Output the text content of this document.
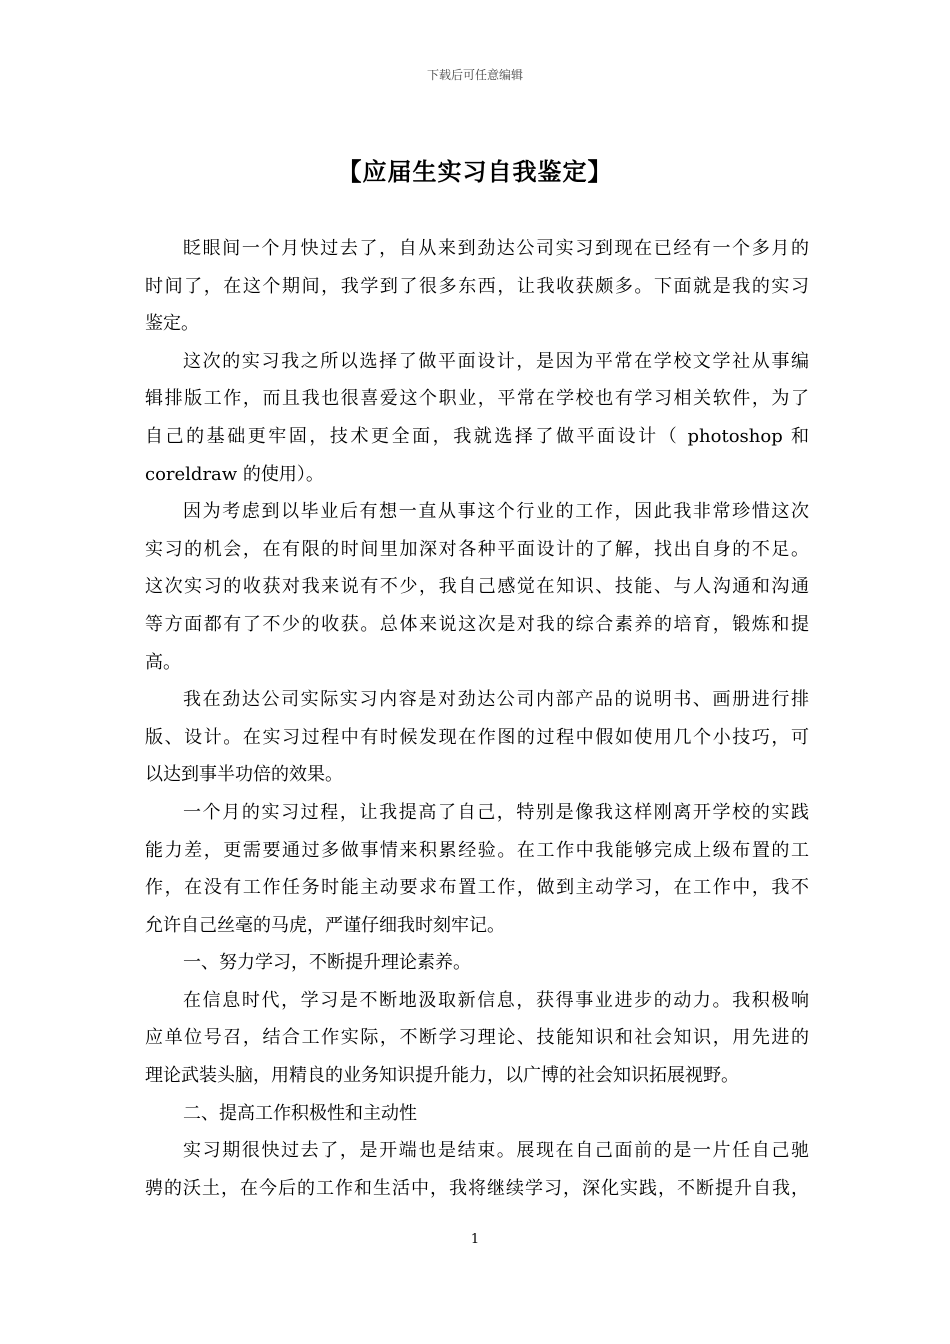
下载后可任意编辑
【应届生实习自我鉴定】
眨眼间一个月快过去了，自从来到劲达公司实习到现在已经有一个多月的
时间了，在这个期间，我学到了很多东西，让我收获颇多。下面就是我的实习
鉴定。
这次的实习我之所以选择了做平面设计，是因为平常在学校文学社从事编
辑排版工作，而且我也很喜爱这个职业，平常在学校也有学习相关软件，为了
自己的基础更牢固，技术更全面，我就选择了做平面设计（ photoshop 和
coreldraw 的使用）。
因为考虑到以毕业后有想一直从事这个行业的工作，因此我非常珍惜这次
实习的机会，在有限的时间里加深对各种平面设计的了解，找出自身的不足。
这次实习的收获对我来说有不少，我自己感觉在知识、技能、与人沟通和沟通
等方面都有了不少的收获。总体来说这次是对我的综合素养的培育，锻炼和提
高。
我在劲达公司实际实习内容是对劲达公司内部产品的说明书、画册进行排
版、设计。在实习过程中有时候发现在作图的过程中假如使用几个小技巧，可
以达到事半功倍的效果。
一个月的实习过程，让我提高了自己，特别是像我这样刚离开学校的实践
能力差，更需要通过多做事情来积累经验。在工作中我能够完成上级布置的工
作，在没有工作任务时能主动要求布置工作，做到主动学习，在工作中，我不
允许自己丝毫的马虎，严谨仔细我时刻牢记。
一、努力学习，不断提升理论素养。
在信息时代，学习是不断地汲取新信息，获得事业进步的动力。我积极响
应单位号召，结合工作实际，不断学习理论、技能知识和社会知识，用先进的
理论武装头脑，用精良的业务知识提升能力，以广博的社会知识拓展视野。
二、提高工作积极性和主动性
实习期很快过去了，是开端也是结束。展现在自己面前的是一片任自己驰
骋的沃土，在今后的工作和生活中，我将继续学习，深化实践，不断提升自我，
1
